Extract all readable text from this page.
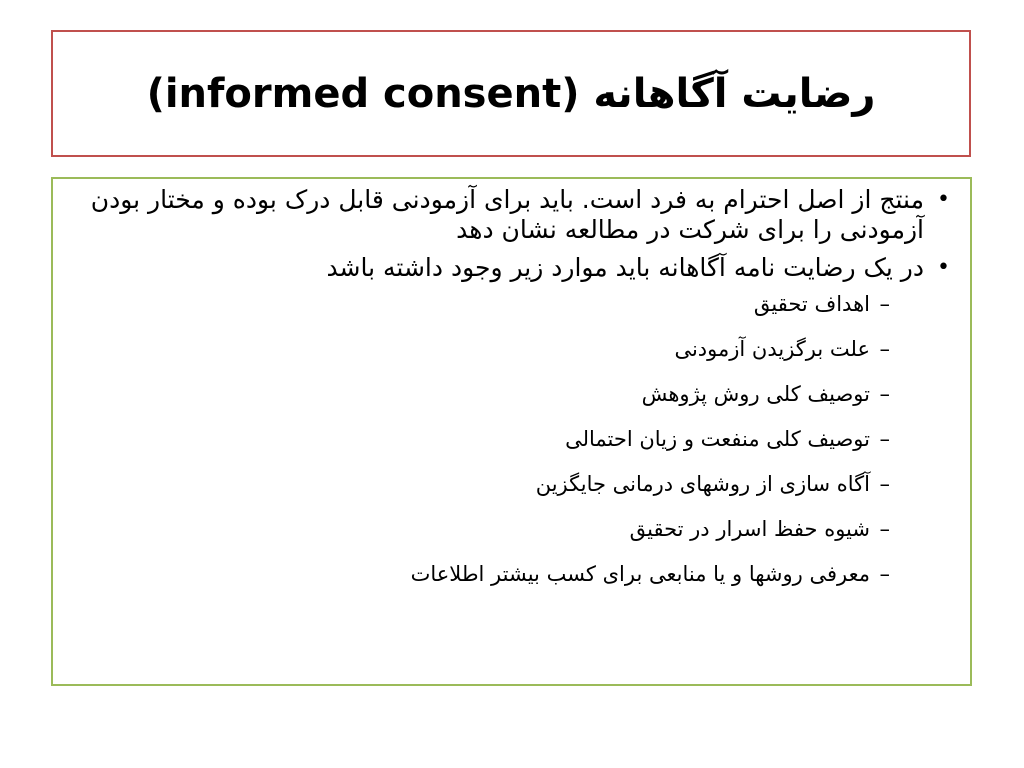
رضایت آگاهانه (informed consent)
•
منتج از اصل احترام به فرد است. باید برای آزمودنی قابل درک بوده و مختار بودن آزمودنی را برای شرکت در مطالعه نشان دهد
•
در یک رضایت نامه آگاهانه باید موارد زیر وجود داشته باشد
–
اهداف تحقیق
–
علت برگزیدن آزمودنی
–
توصیف کلی روش پژوهش
–
توصیف کلی منفعت و زیان احتمالی
–
آگاه سازی از روشهای درمانی جایگزین
–
شیوه حفظ اسرار در تحقیق
–
معرفی روشها و یا منابعی برای کسب بیشتر اطلاعات
